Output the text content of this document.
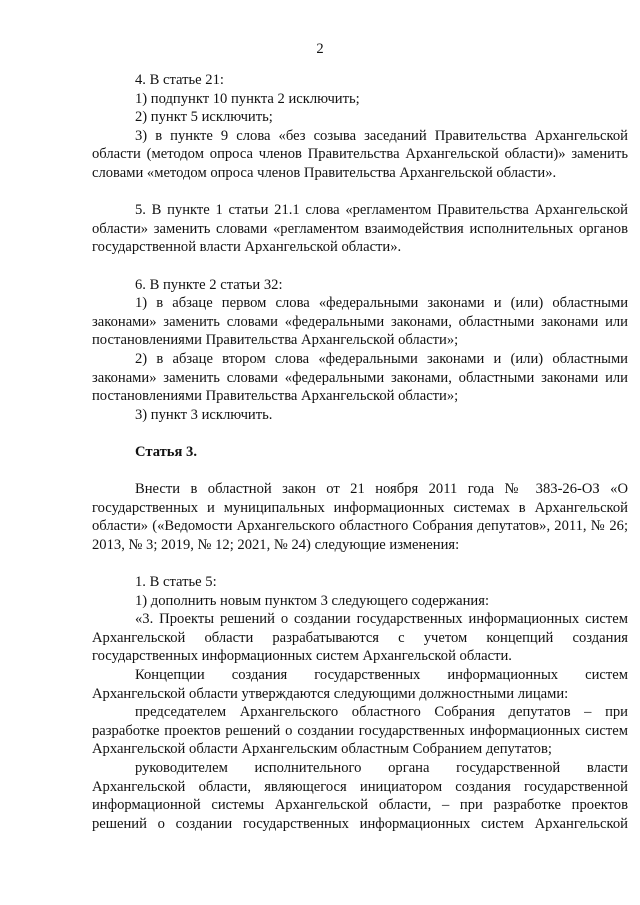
2

4. В статье 21:

1) подпункт 10 пункта 2 исключить;

2) пункт 5 исключить;

3) в пункте 9 слова «без созыва заседаний Правительства Архангельской области (методом опроса членов Правительства Архангельской области)» заменить словами «методом опроса членов Правительства Архангельской области».

5. В пункте 1 статьи 21.1 слова «регламентом Правительства Архангельской области» заменить словами «регламентом взаимодействия исполнительных органов государственной власти Архангельской области».

6. В пункте 2 статьи 32:

1) в абзаце первом слова «федеральными законами и (или) областными законами» заменить словами «федеральными законами, областными законами или постановлениями Правительства Архангельской области»;

2) в абзаце втором слова «федеральными законами и (или) областными законами» заменить словами «федеральными законами, областными законами или постановлениями Правительства Архангельской области»;

3) пункт 3 исключить.

Статья 3.

Внести в областной закон от 21 ноября 2011 года № 383-26-ОЗ «О государственных и муниципальных информационных системах в Архангельской области» («Ведомости Архангельского областного Собрания депутатов», 2011, № 26; 2013, № 3; 2019, № 12; 2021, № 24) следующие изменения:

1. В статье 5:

1) дополнить новым пунктом 3 следующего содержания:

«3. Проекты решений о создании государственных информационных систем Архангельской области разрабатываются с учетом концепций создания государственных информационных систем Архангельской области.

Концепции создания государственных информационных систем Архангельской области утверждаются следующими должностными лицами:

председателем Архангельского областного Собрания депутатов – при разработке проектов решений о создании государственных информационных систем Архангельской области Архангельским областным Собранием депутатов;

руководителем исполнительного органа государственной власти Архангельской области, являющегося инициатором создания государственной информационной системы Архангельской области, – при разработке проектов решений о создании государственных информационных систем Архангельской
